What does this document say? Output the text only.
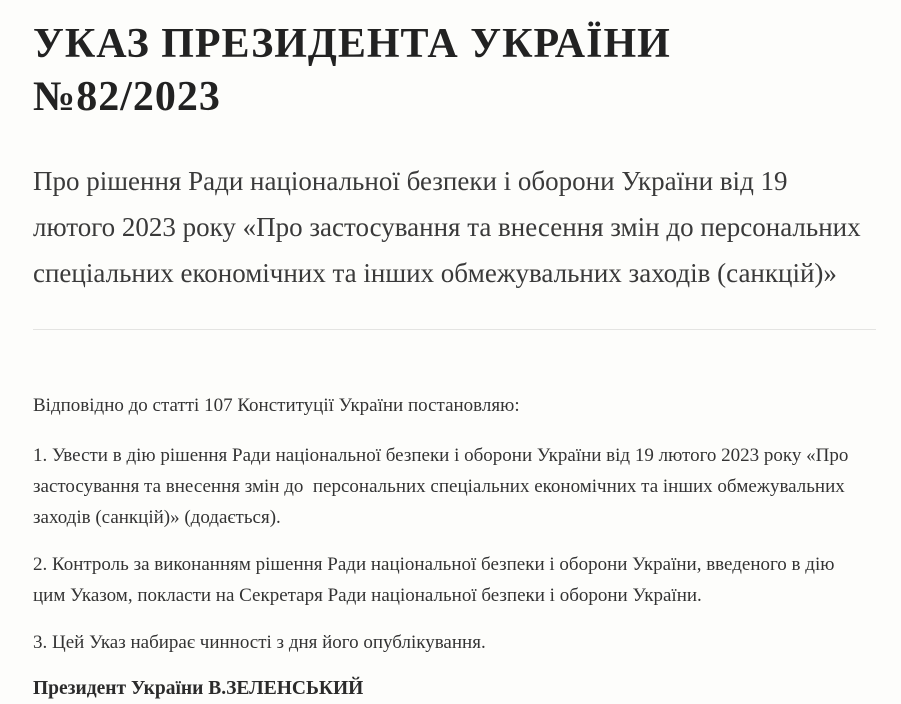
УКАЗ ПРЕЗИДЕНТА УКРАЇНИ №82/2023

Про рішення Ради національної безпеки і оборони України від 19 лютого 2023 року «Про застосування та внесення змін до персональних спеціальних економічних та інших обмежувальних заходів (санкцій)»

Відповідно до статті 107 Конституції України постановляю:

1. Увести в дію рішення Ради національної безпеки і оборони України від 19 лютого 2023 року «Про застосування та внесення змін до  персональних спеціальних економічних та інших обмежувальних заходів (санкцій)» (додається).

2. Контроль за виконанням рішення Ради національної безпеки і оборони України, введеного в дію цим Указом, покласти на Секретаря Ради національної безпеки і оборони України.

3. Цей Указ набирає чинності з дня його опублікування.

Президент України В.ЗЕЛЕНСЬКИЙ
